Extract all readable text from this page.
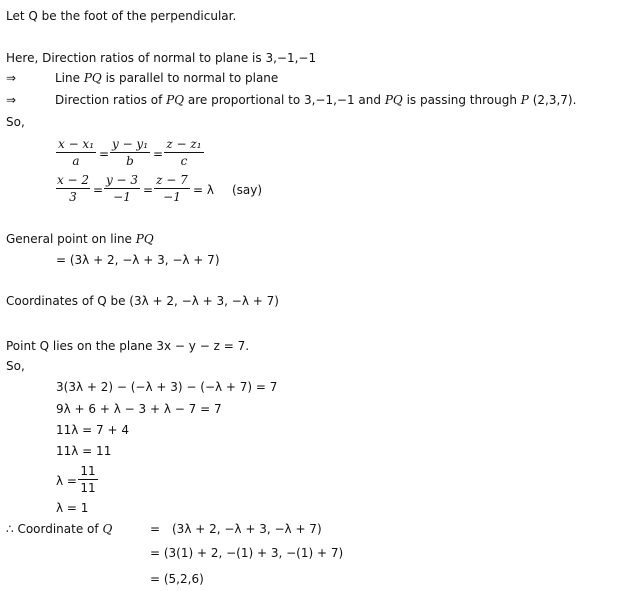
Let Q be the foot of the perpendicular.
Here, Direction ratios of normal to plane is 3,−1,−1
⇒	Line PQ is parallel to normal to plane
⇒	Direction ratios of PQ are proportional to 3,−1,−1 and PQ is passing through P (2,3,7).
So,
x − x₁
a	=
y − y₁
b	=
z − z₁
c
x − 2
3	=
y − 3
−1	=
z − 7
−1	= λ (say)
General point on line PQ
= (3λ + 2, −λ + 3, −λ + 7)
Coordinates of Q be (3λ + 2, −λ + 3, −λ + 7)
Point Q lies on the plane 3x − y − z = 7.
So,
3(3λ + 2) − (−λ + 3) − (−λ + 7) = 7
9λ + 6 + λ − 3 + λ − 7 = 7
11λ = 7 + 4
11λ = 11
λ =
11
11
λ = 1
∴ Coordinate of Q	= (3λ + 2, −λ + 3, −λ + 7)
= (3(1) + 2, −(1) + 3, −(1) + 7)
= (5,2,6)
